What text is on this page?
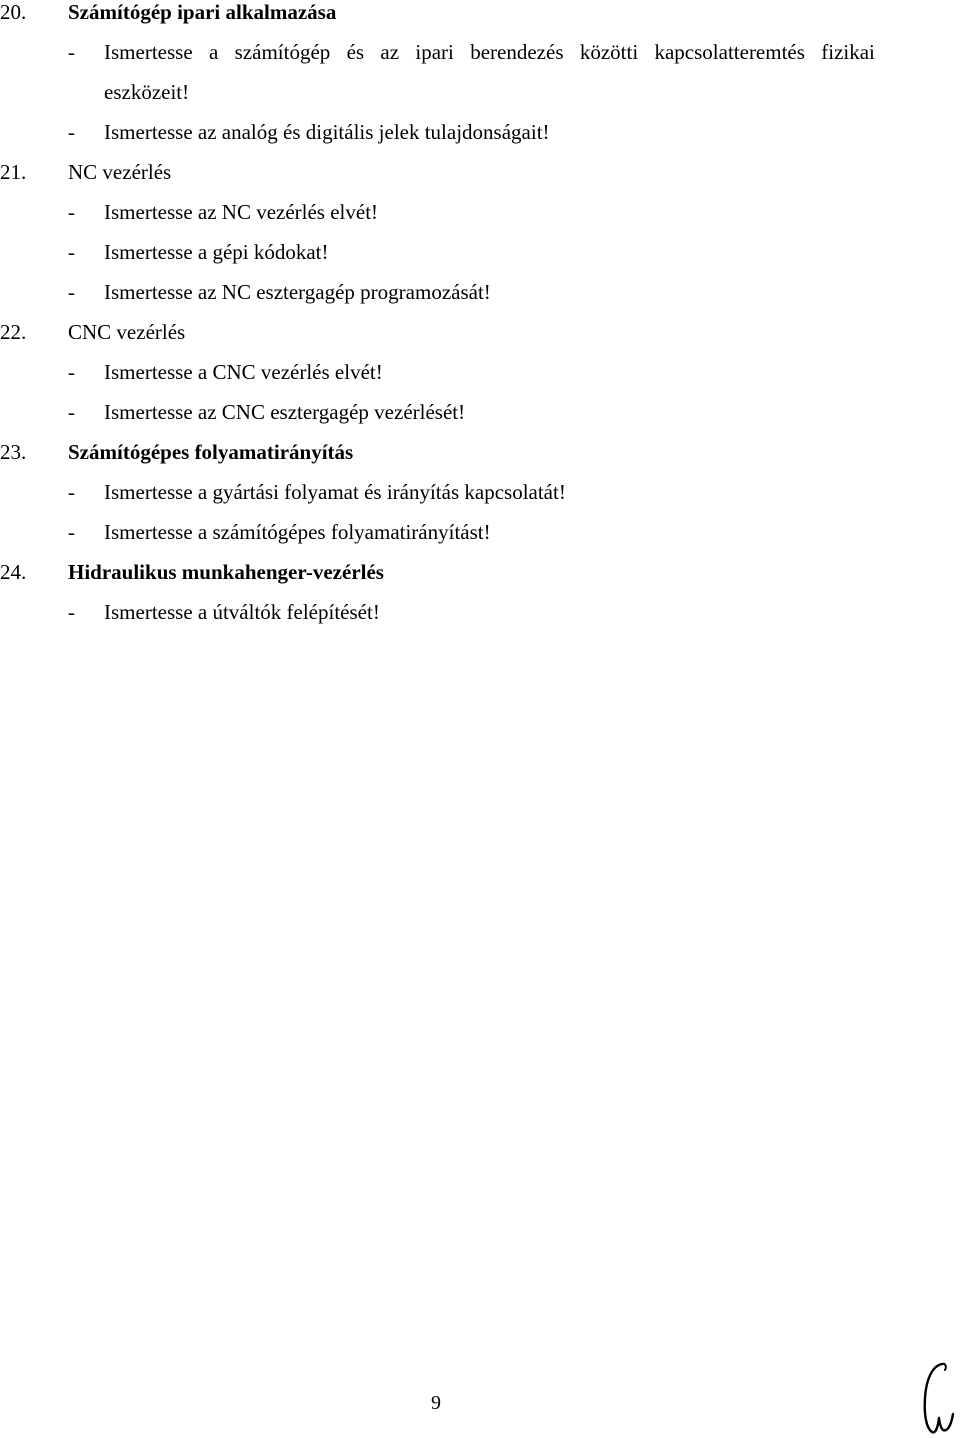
20. Számítógép ipari alkalmazása
- Ismertesse a számítógép és az ipari berendezés közötti kapcsolatteremtés fizikai
eszközeit!
- Ismertesse az analóg és digitális jelek tulajdonságait!
21. NC vezérlés
- Ismertesse az NC vezérlés elvét!
- Ismertesse a gépi kódokat!
- Ismertesse az NC esztergagép programozását!
22. CNC vezérlés
- Ismertesse a CNC vezérlés elvét!
- Ismertesse az CNC esztergagép vezérlését!
23. Számítógépes folyamatirányítás
- Ismertesse a gyártási folyamat és irányítás kapcsolatát!
- Ismertesse a számítógépes folyamatirányítást!
24. Hidraulikus munkahenger-vezérlés
- Ismertesse a útváltók felépítését!
9
